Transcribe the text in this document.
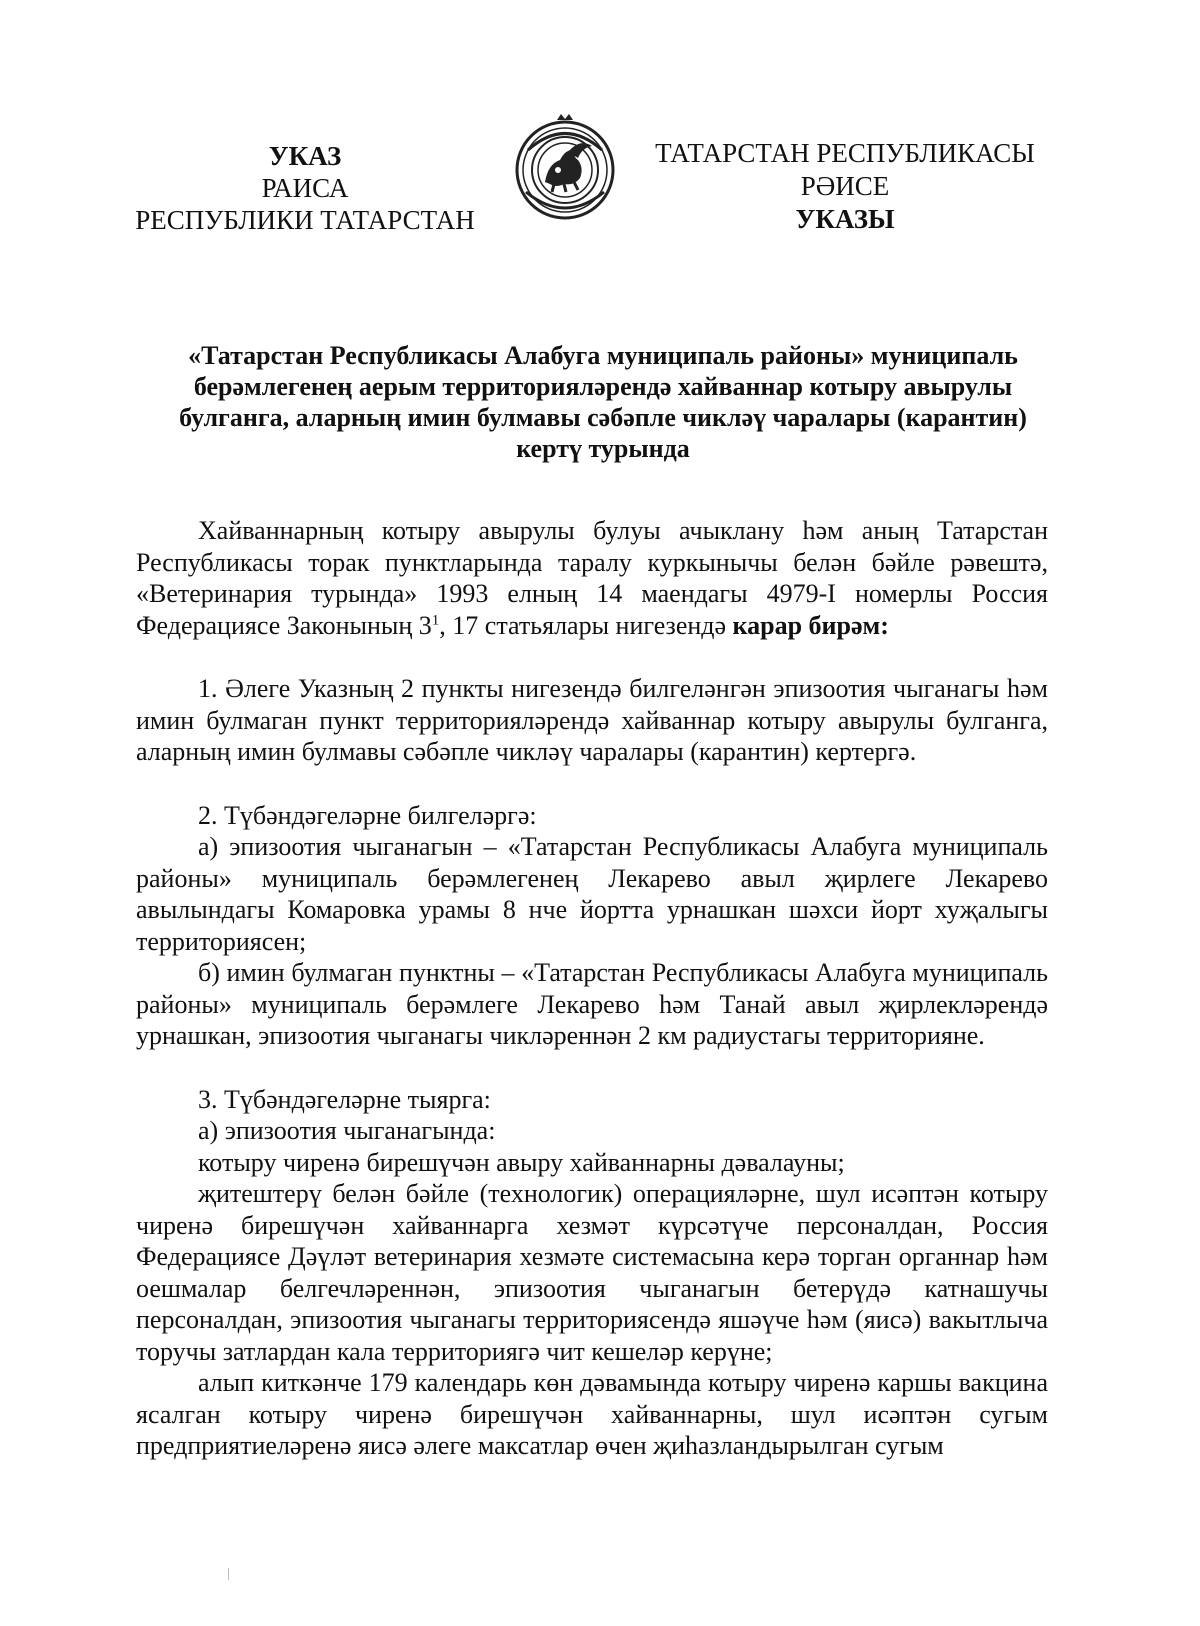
УКАЗ
РАИСА
РЕСПУБЛИКИ ТАТАРСТАН
ТАТАРСТАН РЕСПУБЛИКАСЫ
РӘИСЕ
УКАЗЫ
«Татарстан Республикасы Алабуга муниципаль районы» муниципаль
берәмлегенең аерым территорияләрендә хайваннар котыру авырулы
булганга, аларның имин булмавы сәбәпле чикләү чаралары (карантин)
кертү турында

Хайваннарның котыру авырулы булуы ачыклану һәм аның Татарстан Республикасы торак пунктларында таралу куркынычы белән бәйле рәвештә, «Ветеринария турында» 1993 елның 14 маендагы 4979-I номерлы Россия Федерациясе Законының $3^1$, 17 статьялары нигезендә карар бирәм:

1. Әлеге Указның 2 пункты нигезендә билгеләнгән эпизоотия чыганагы һәм имин булмаган пункт территорияләрендә хайваннар котыру авырулы булганга, аларның имин булмавы сәбәпле чикләү чаралары (карантин) кертергә.

2. Түбәндәгеләрне билгеләргә:

а) эпизоотия чыганагын – «Татарстан Республикасы Алабуга муниципаль районы» муниципаль берәмлегенең Лекарево авыл җирлеге Лекарево авылындагы Комаровка урамы 8 нче йортта урнашкан шәхси йорт хуҗалыгы территориясен;

б) имин булмаган пунктны – «Татарстан Республикасы Алабуга муниципаль районы» муниципаль берәмлеге Лекарево һәм Танай авыл җирлекләрендә урнашкан, эпизоотия чыганагы чикләреннән 2 км радиустагы территорияне.

3. Түбәндәгеләрне тыярга:

а) эпизоотия чыганагында:

котыру чиренә бирешүчән авыру хайваннарны дәвалауны;

җитештерү белән бәйле (технологик) операцияләрне, шул исәптән котыру чиренә бирешүчән хайваннарга хезмәт күрсәтүче персоналдан, Россия Федерациясе Дәүләт ветеринария хезмәте системасына керә торган органнар һәм оешмалар белгечләреннән, эпизоотия чыганагын бетерүдә катнашучы персоналдан, эпизоотия чыганагы территориясендә яшәүче һәм (яисә) вакытлыча торучы затлардан кала территориягә чит кешеләр керүне;

алып киткәнче 179 календарь көн дәвамында котыру чиренә каршы вакцина ясалган котыру чиренә бирешүчән хайваннарны, шул исәптән сугым предприятиеләренә яисә әлеге максатлар өчен җиһазландырылган сугым
